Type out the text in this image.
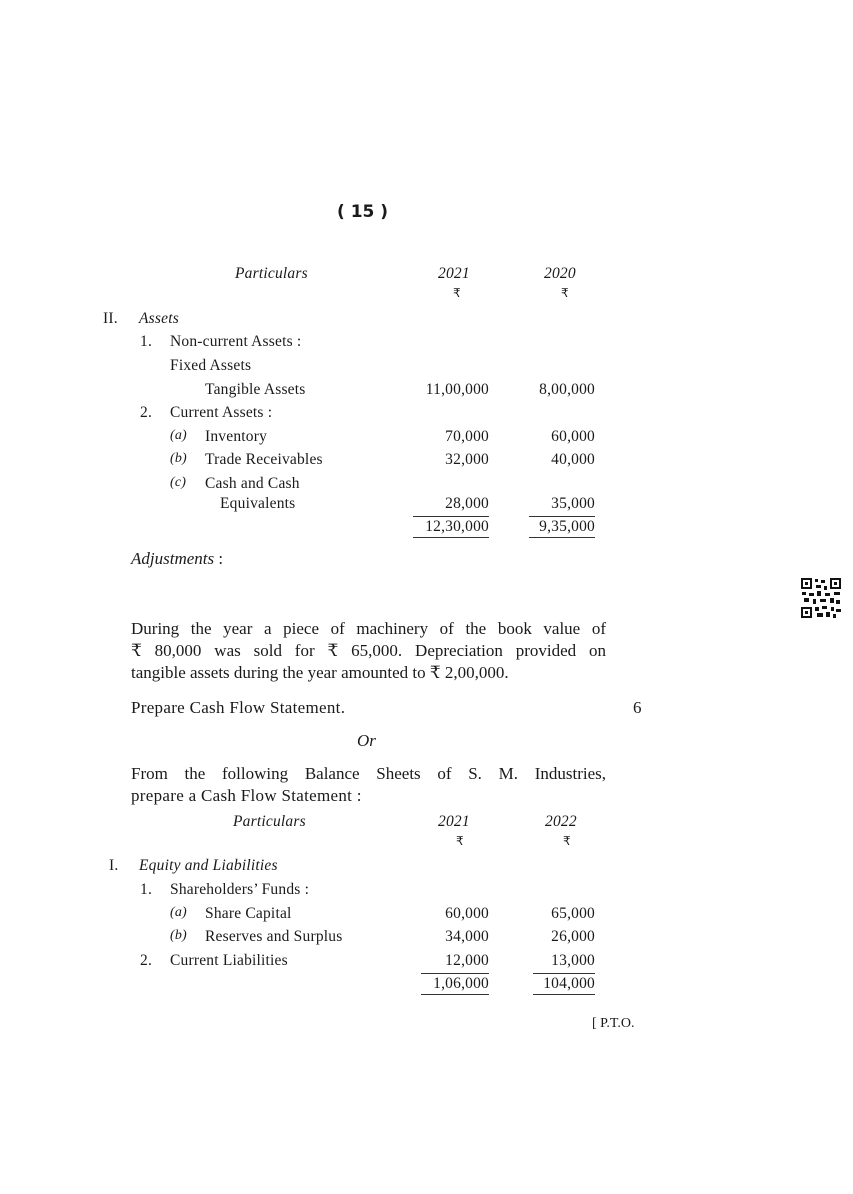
( 15 )
Particulars	2021	2020
₹	₹
II. Assets
1. Non-current Assets :
Fixed Assets
Tangible Assets	11,00,000	8,00,000
2. Current Assets :
(a) Inventory	70,000	60,000
(b) Trade Receivables	32,000	40,000
(c) Cash and Cash
Equivalents	28,000	35,000
12,30,000	9,35,000
Adjustments :
During the year a piece of machinery of the book value of
₹ 80,000 was sold for ₹ 65,000. Depreciation provided on
tangible assets during the year amounted to ₹ 2,00,000.
Prepare Cash Flow Statement.	6
Or
From the following Balance Sheets of S. M. Industries,
prepare a Cash Flow Statement :
Particulars	2021	2022
₹	₹
I. Equity and Liabilities
1. Shareholders’ Funds :
(a) Share Capital	60,000	65,000
(b) Reserves and Surplus	34,000	26,000
2. Current Liabilities	12,000	13,000
1,06,000	104,000
[ P.T.O.
